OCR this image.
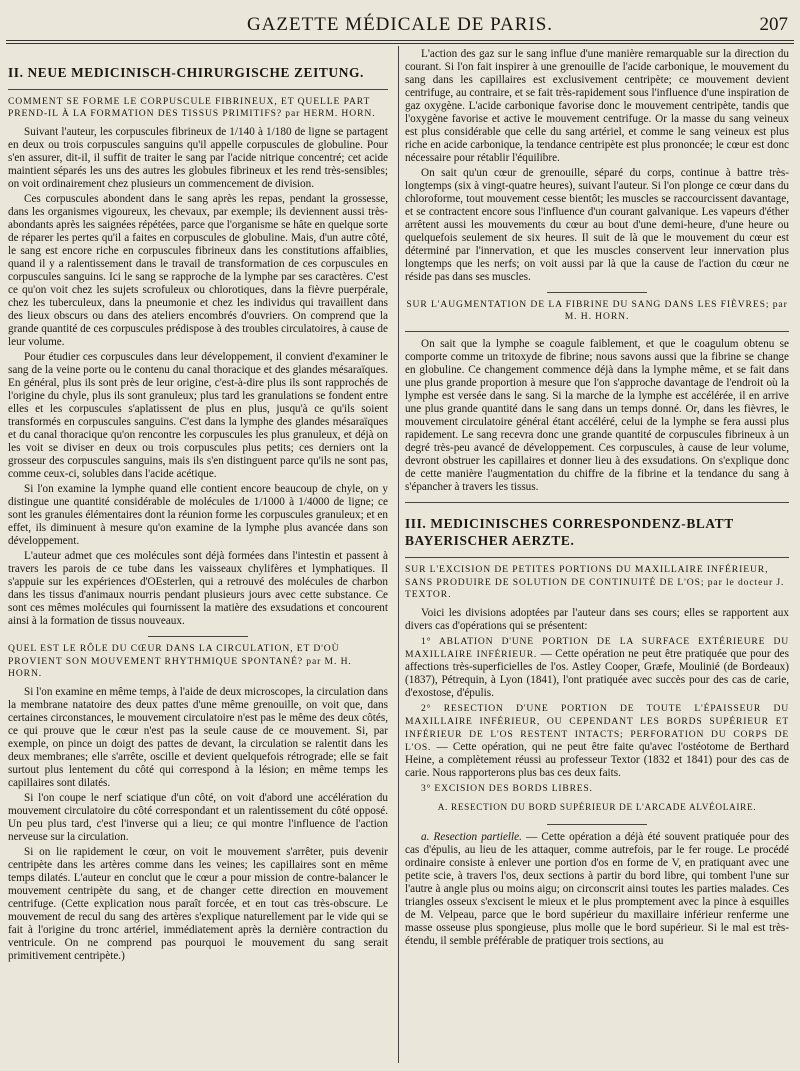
GAZETTE MÉDICALE DE PARIS.	207
II. NEUE MEDICINISCH-CHIRURGISCHE ZEITUNG.
COMMENT SE FORME LE CORPUSCULE FIBRINEUX, ET QUELLE PART PREND-IL À LA FORMATION DES TISSUS PRIMITIFS? par HERM. HORN.

Suivant l'auteur, les corpuscules fibrineux de 1/140 à 1/180 de ligne se partagent en deux ou trois corpuscules sanguins qu'il appelle corpuscules de globuline. Pour s'en assurer, dit-il, il suffit de traiter le sang par l'acide nitrique concentré; cet acide maintient séparés les uns des autres les globules fibrineux et les rend très-sensibles; on voit ordinairement chez plusieurs un commencement de division.

Ces corpuscules abondent dans le sang après les repas, pendant la grossesse, dans les organismes vigoureux, les chevaux, par exemple; ils deviennent aussi très-abondants après les saignées répétées, parce que l'organisme se hâte en quelque sorte de réparer les pertes qu'il a faites en corpuscules de globuline. Mais, d'un autre côté, le sang est encore riche en corpuscules fibrineux dans les constitutions affaiblies, quand il y a ralentissement dans le travail de transformation de ces corpuscules en corpuscules sanguins. Ici le sang se rapproche de la lymphe par ses caractères. C'est ce qu'on voit chez les sujets scrofuleux ou chlorotiques, dans la fièvre puerpérale, chez les tuberculeux, dans la pneumonie et chez les individus qui travaillent dans des lieux obscurs ou dans des ateliers encombrés d'ouvriers. On comprend que la grande quantité de ces corpuscules prédispose à des troubles circulatoires, à cause de leur volume.

Pour étudier ces corpuscules dans leur développement, il convient d'examiner le sang de la veine porte ou le contenu du canal thoracique et des glandes mésaraïques. En général, plus ils sont près de leur origine, c'est-à-dire plus ils sont rapprochés de l'origine du chyle, plus ils sont granuleux; plus tard les granulations se fondent entre elles et les corpuscules s'aplatissent de plus en plus, jusqu'à ce qu'ils soient transformés en corpuscules sanguins. C'est dans la lymphe des glandes mésaraïques et du canal thoracique qu'on rencontre les corpuscules les plus granuleux, et déjà on les voit se diviser en deux ou trois corpuscules plus petits; ces derniers ont la grosseur des corpuscules sanguins, mais ils s'en distinguent parce qu'ils ne sont pas, comme ceux-ci, solubles dans l'acide acétique.

Si l'on examine la lymphe quand elle contient encore beaucoup de chyle, on y distingue une quantité considérable de molécules de 1/1000 à 1/4000 de ligne; ce sont les granules élémentaires dont la réunion forme les corpuscules granuleux; et en effet, ils diminuent à mesure qu'on examine de la lymphe plus avancée dans son développement.

L'auteur admet que ces molécules sont déjà formées dans l'intestin et passent à travers les parois de ce tube dans les vaisseaux chylifères et lymphatiques. Il s'appuie sur les expériences d'OEsterlen, qui a retrouvé des molécules de charbon dans les tissus d'animaux nourris pendant plusieurs jours avec cette substance. Ce sont ces mêmes molécules qui fournissent la matière des exsudations et concourent ainsi à la formation de tissus nouveaux.

QUEL EST LE RÔLE DU CŒUR DANS LA CIRCULATION, ET D'OÙ PROVIENT SON MOUVEMENT RHYTHMIQUE SPONTANÉ? par M. H. HORN.

Si l'on examine en même temps, à l'aide de deux microscopes, la circulation dans la membrane natatoire des deux pattes d'une même grenouille, on voit que, dans certaines circonstances, le mouvement circulatoire n'est pas le même des deux côtés, ce qui prouve que le cœur n'est pas la seule cause de ce mouvement. Si, par exemple, on pince un doigt des pattes de devant, la circulation se ralentit dans les deux membranes; elle s'arrête, oscille et devient quelquefois rétrograde; elle se fait surtout plus lentement du côté qui correspond à la lésion; en même temps les capillaires sont dilatés.

Si l'on coupe le nerf sciatique d'un côté, on voit d'abord une accélération du mouvement circulatoire du côté correspondant et un ralentissement du côté opposé. Un peu plus tard, c'est l'inverse qui a lieu; ce qui montre l'influence de l'action nerveuse sur la circulation.

Si on lie rapidement le cœur, on voit le mouvement s'arrêter, puis devenir centripète dans les artères comme dans les veines; les capillaires sont en même temps dilatés. L'auteur en conclut que le cœur a pour mission de contre-balancer le mouvement centripète du sang, et de changer cette direction en mouvement centrifuge. (Cette explication nous paraît forcée, et en tout cas très-obscure. Le mouvement de recul du sang des artères s'explique naturellement par le vide qui se fait à l'origine du tronc artériel, immédiatement après la dernière contraction du ventricule. On ne comprend pas pourquoi le mouvement du sang serait primitivement centripète.)

L'action des gaz sur le sang influe d'une manière remarquable sur la direction du courant. Si l'on fait inspirer à une grenouille de l'acide carbonique, le mouvement du sang dans les capillaires est exclusivement centripète; ce mouvement devient centrifuge, au contraire, et se fait très-rapidement sous l'influence d'une inspiration de gaz oxygène. L'acide carbonique favorise donc le mouvement centripète, tandis que l'oxygène favorise et active le mouvement centrifuge. Or la masse du sang veineux est plus considérable que celle du sang artériel, et comme le sang veineux est plus riche en acide carbonique, la tendance centripète est plus prononcée; le cœur est donc nécessaire pour rétablir l'équilibre.

On sait qu'un cœur de grenouille, séparé du corps, continue à battre très-longtemps (six à vingt-quatre heures), suivant l'auteur. Si l'on plonge ce cœur dans du chloroforme, tout mouvement cesse bientôt; les muscles se raccourcissent davantage, et se contractent encore sous l'influence d'un courant galvanique. Les vapeurs d'éther arrêtent aussi les mouvements du cœur au bout d'une demi-heure, d'une heure ou quelquefois seulement de six heures. Il suit de là que le mouvement du cœur est déterminé par l'innervation, et que les muscles conservent leur innervation plus longtemps que les nerfs; on voit aussi par là que la cause de l'action du cœur ne réside pas dans ses muscles.

SUR L'AUGMENTATION DE LA FIBRINE DU SANG DANS LES FIÈVRES; par M. H. HORN.

On sait que la lymphe se coagule faiblement, et que le coagulum obtenu se comporte comme un tritoxyde de fibrine; nous savons aussi que la fibrine se change en globuline. Ce changement commence déjà dans la lymphe même, et se fait dans une plus grande proportion à mesure que l'on s'approche davantage de l'endroit où la lymphe est versée dans le sang. Si la marche de la lymphe est accélérée, il en arrive une plus grande quantité dans le sang dans un temps donné. Or, dans les fièvres, le mouvement circulatoire général étant accéléré, celui de la lymphe se fera aussi plus rapidement. Le sang recevra donc une grande quantité de corpuscules fibrineux à un degré très-peu avancé de développement. Ces corpuscules, à cause de leur volume, devront obstruer les capillaires et donner lieu à des exsudations. On s'explique donc de cette manière l'augmentation du chiffre de la fibrine et la tendance du sang à s'épancher à travers les tissus.

III. MEDICINISCHES CORRESPONDENZ-BLATT BAYERISCHER AERZTE.
SUR L'EXCISION DE PETITES PORTIONS DU MAXILLAIRE INFÉRIEUR, SANS PRODUIRE DE SOLUTION DE CONTINUITÉ DE L'OS; par le docteur J. TEXTOR.

Voici les divisions adoptées par l'auteur dans ses cours; elles se rapportent aux divers cas d'opérations qui se présentent:

1° ABLATION D'UNE PORTION DE LA SURFACE EXTÉRIEURE DU MAXILLAIRE INFÉRIEUR. — Cette opération ne peut être pratiquée que pour des affections très-superficielles de l'os. Astley Cooper, Græfe, Moulinié (de Bordeaux) (1837), Pétrequin, à Lyon (1841), l'ont pratiquée avec succès pour des cas de carie, d'exostose, d'épulis.

2° RESECTION D'UNE PORTION DE TOUTE L'ÉPAISSEUR DU MAXILLAIRE INFÉRIEUR, OU CEPENDANT LES BORDS SUPÉRIEUR ET INFÉRIEUR DE L'OS RESTENT INTACTS; PERFORATION DU CORPS DE L'OS. — Cette opération, qui ne peut être faite qu'avec l'ostéotome de Berthard Heine, a complètement réussi au professeur Textor (1832 et 1841) pour des cas de carie. Nous rapporterons plus bas ces deux faits.

3° EXCISION DES BORDS LIBRES.

A. RESECTION DU BORD SUPÉRIEUR DE L'ARCADE ALVÉOLAIRE.

a. Resection partielle. — Cette opération a déjà été souvent pratiquée pour des cas d'épulis, au lieu de les attaquer, comme autrefois, par le fer rouge. Le procédé ordinaire consiste à enlever une portion d'os en forme de V, en pratiquant avec une petite scie, à travers l'os, deux sections à partir du bord libre, qui tombent l'une sur l'autre à angle plus ou moins aigu; on circonscrit ainsi toutes les parties malades. Ces triangles osseux s'excisent le mieux et le plus promptement avec la pince à esquilles de M. Velpeau, parce que le bord supérieur du maxillaire inférieur renferme une masse osseuse plus spongieuse, plus molle que le bord supérieur. Si le mal est très-étendu, il semble préférable de pratiquer trois sections, au
